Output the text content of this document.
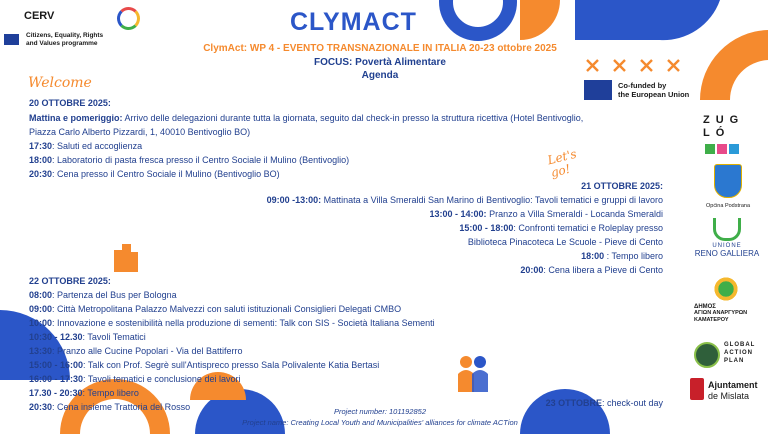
CERV
Citizens, Equality, Rights
and Values programme
CLYMACT
ClymAct: WP 4 - EVENTO TRANSNAZIONALE IN ITALIA 20-23 ottobre 2025
FOCUS: Povertà Alimentare
Agenda
Co-funded by
the European Union
Welcome
Let's go!
20 OTTOBRE 2025:
Mattina e pomeriggio: Arrivo delle delegazioni durante tutta la giornata, seguito dal check-in presso la struttura ricettiva (Hotel Bentivoglio,
Piazza Carlo Alberto Pizzardi, 1, 40010 Bentivoglio BO)
17:30: Saluti ed accoglienza
18:00: Laboratorio di pasta fresca presso il Centro Sociale il Mulino (Bentivoglio)
20:30: Cena presso il Centro Sociale il Mulino (Bentivoglio BO)
21 OTTOBRE 2025:
09:00 -13:00: Mattinata a Villa Smeraldi San Marino di Bentivoglio: Tavoli tematici e gruppi di lavoro
13:00 - 14:00: Pranzo a Villa Smeraldi - Locanda Smeraldi
15:00 - 18:00: Confronti tematici e Roleplay presso
Biblioteca Pinacoteca Le Scuole - Pieve di Cento
18:00 : Tempo libero
20:00: Cena libera a Pieve di Cento
22 OTTOBRE 2025:
08:00: Partenza del Bus per Bologna
09:00: Città Metropolitana Palazzo Malvezzi con saluti istituzionali Consiglieri Delegati CMBO
10:00: Innovazione e sostenibilità nella produzione di sementi: Talk con SIS - Società Italiana Sementi
10:30 - 12.30: Tavoli Tematici
13:30: Pranzo alle Cucine Popolari - Via del Battiferro
15:00 - 16:00: Talk con Prof. Segrè sull'Antispreco presso Sala Polivalente Katia Bertasi
16:00 - 17:30: Tavoli tematici e conclusione dei lavori
17.30 - 20:30: Tempo libero
20:30: Cena insieme Trattoria del Rosso	23 OTTOBRE: check-out day
Project number: 101192852
Project name: Creating Local Youth and Municipalities' alliances for climate ACTion
ZUGLÓ
Općina Podstrana
UNIONE
RENO GALLIERA
ΔΗΜΟΣ
ΑΓΙΩΝ ΑΝΑΡΓΥΡΩΝ
ΚΑΜΑΤΕΡΟΥ
GLOBAL
ACTION
PLAN
Ajuntament
de Mislata
